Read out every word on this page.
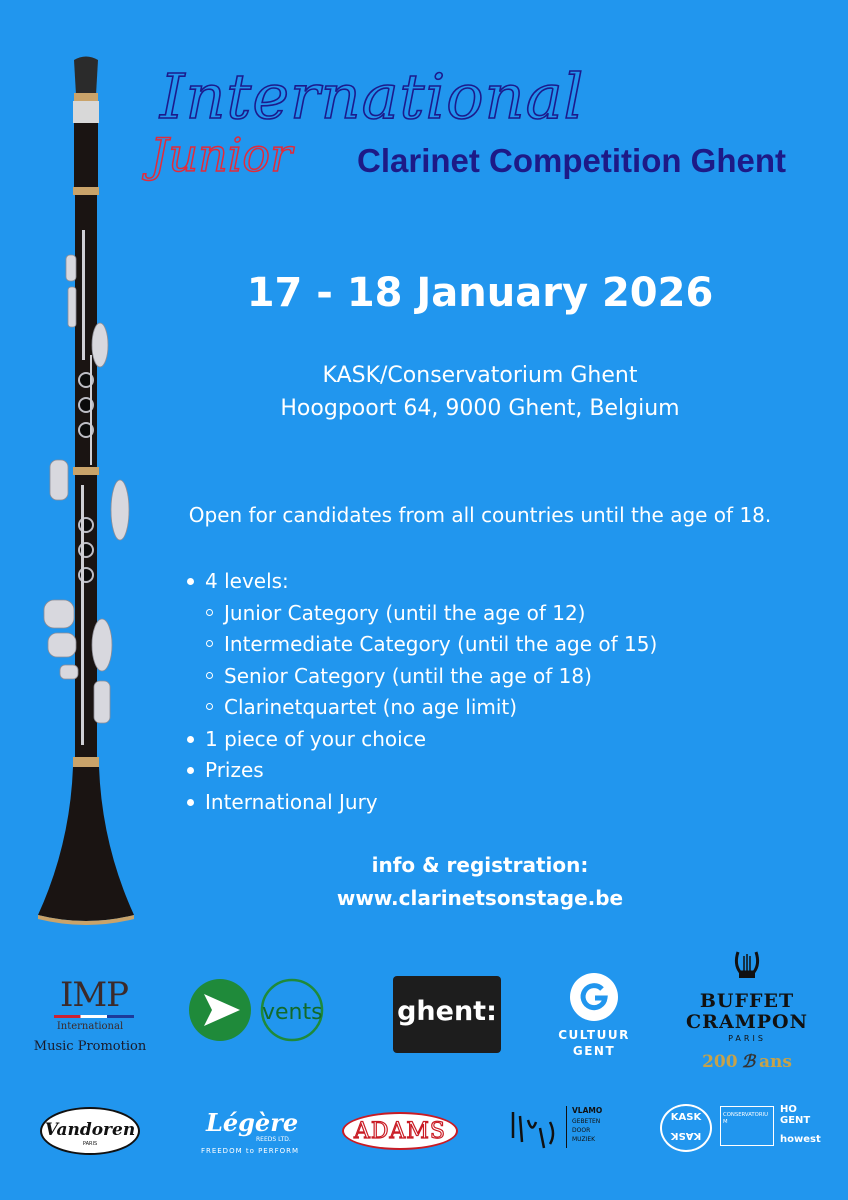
International
Junior Clarinet Competition Ghent
17 - 18 January 2026
KASK/Conservatorium Ghent
Hoogpoort 64, 9000 Ghent, Belgium
Open for candidates from all countries until the age of 18.
4 levels:
Junior Category (until the age of 12)
Intermediate Category (until the age of 15)
Senior Category (until the age of 18)
Clarinetquartet (no age limit)
1 piece of your choice
Prizes
International Jury
info & registration:
www.clarinetsonstage.be
IMP
International
Music Promotion
vents	ghent:
CULTUUR
GENT
BUFFET
CRAMPON
PARIS
200 ℬ ans
Vandoren
PARIS
Légère
REEDS LTD.
FREEDOM to PERFORM
ADAMS
VLAMO
GEBETEN
DOOR
MUZIEK
KASK
KASK
CONSERVATORIUM
HO
GENT
howest
